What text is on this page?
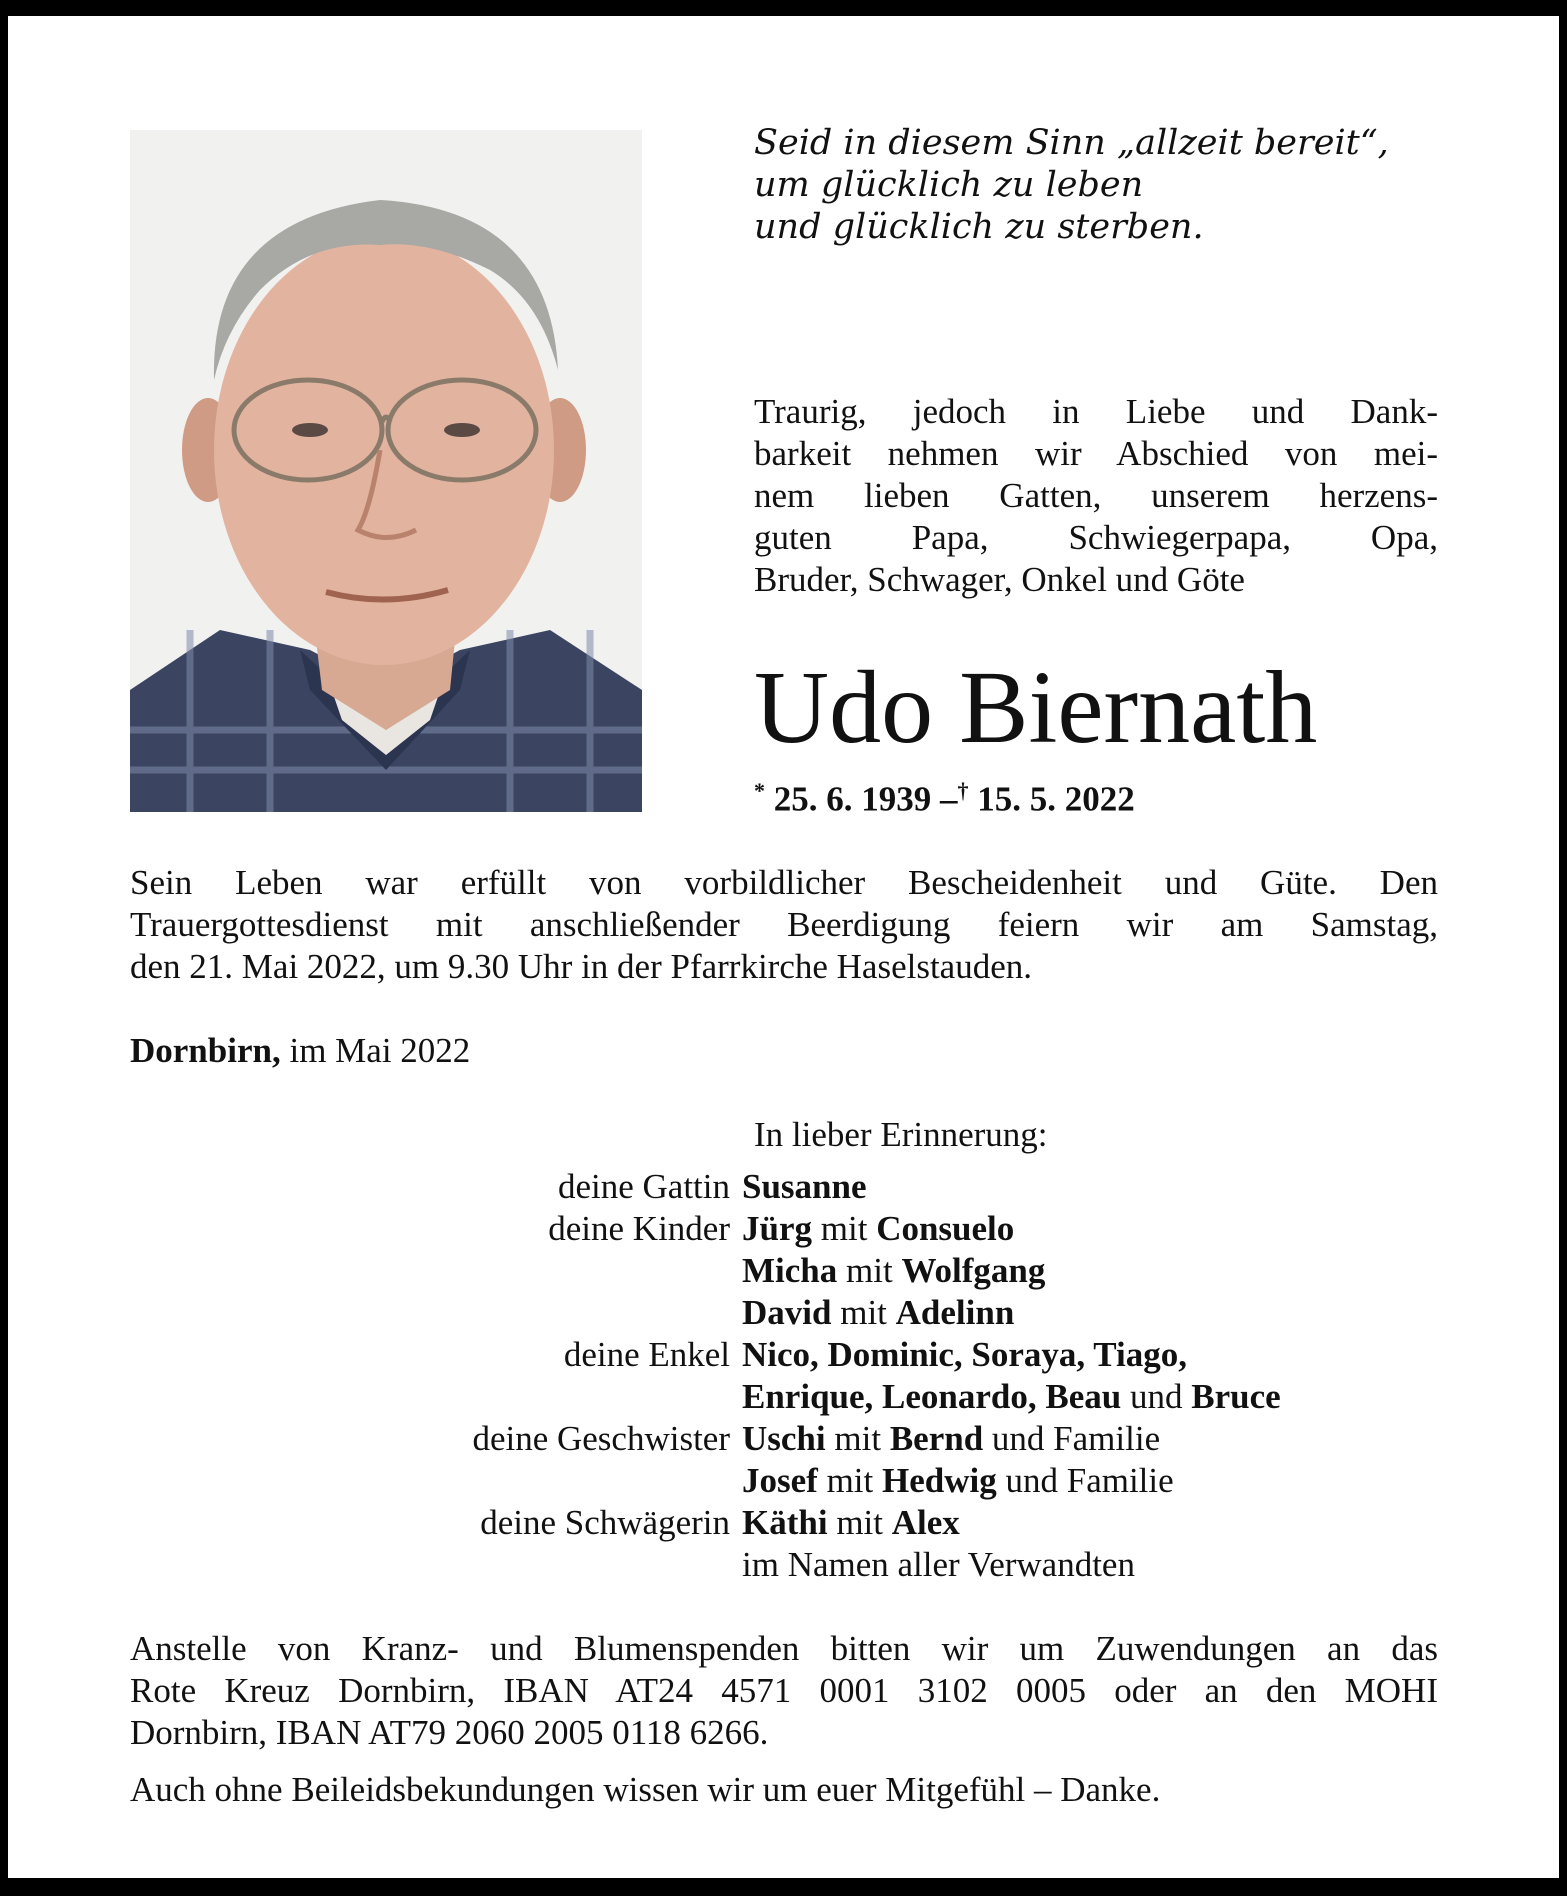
Seid in diesem Sinn „allzeit bereit“,
um glücklich zu leben
und glücklich zu sterben.
Traurig, jedoch in Liebe und Dank-
barkeit nehmen wir Abschied von mei-
nem lieben Gatten, unserem herzens-
guten Papa, Schwiegerpapa, Opa,
Bruder, Schwager, Onkel und Göte
Udo Biernath
* 25. 6. 1939 –† 15. 5. 2022
Sein Leben war erfüllt von vorbildlicher Bescheidenheit und Güte. Den
Trauergottesdienst mit anschließender Beerdigung feiern wir am Samstag,
den 21. Mai 2022, um 9.30 Uhr in der Pfarrkirche Haselstauden.
Dornbirn, im Mai 2022
In lieber Erinnerung:
deine Gattin Susanne
deine Kinder Jürg mit Consuelo
Micha mit Wolfgang
David mit Adelinn
deine Enkel Nico, Dominic, Soraya, Tiago,
Enrique, Leonardo, Beau und Bruce
deine Geschwister Uschi mit Bernd und Familie
Josef mit Hedwig und Familie
deine Schwägerin Käthi mit Alex
im Namen aller Verwandten
Anstelle von Kranz- und Blumenspenden bitten wir um Zuwendungen an das
Rote Kreuz Dornbirn, IBAN AT24 4571 0001 3102 0005 oder an den MOHI
Dornbirn, IBAN AT79 2060 2005 0118 6266.
Auch ohne Beileidsbekundungen wissen wir um euer Mitgefühl – Danke.
